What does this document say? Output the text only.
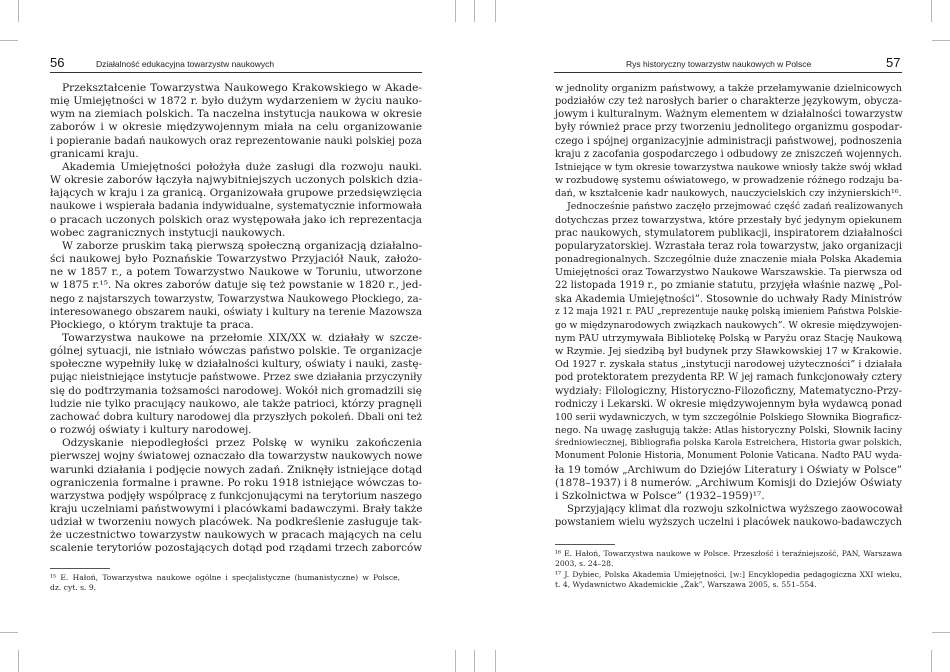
56	Działalność edukacyjna towarzystw naukowych
Przekształcenie Towarzystwa Naukowego Krakowskiego w Akade-
mię Umiejętności w 1872 r. było dużym wydarzeniem w życiu nauko-
wym na ziemiach polskich. Ta naczelna instytucja naukowa w okresie
zaborów i w okresie międzywojennym miała na celu organizowanie
i popieranie badań naukowych oraz reprezentowanie nauki polskiej poza
granicami kraju.
Akademia Umiejętności położyła duże zasługi dla rozwoju nauki.
W okresie zaborów łączyła najwybitniejszych uczonych polskich dzia-
łających w kraju i za granicą. Organizowała grupowe przedsięwzięcia
naukowe i wspierała badania indywidualne, systematycznie informowała
o pracach uczonych polskich oraz występowała jako ich reprezentacja
wobec zagranicznych instytucji naukowych.
W zaborze pruskim taką pierwszą społeczną organizacją działalno-
ści naukowej było Poznańskie Towarzystwo Przyjaciół Nauk, założo-
ne w 1857 r., a potem Towarzystwo Naukowe w Toruniu, utworzone
w 1875 r.¹⁵. Na okres zaborów datuje się też powstanie w 1820 r., jed-
nego z najstarszych towarzystw, Towarzystwa Naukowego Płockiego, za-
interesowanego obszarem nauki, oświaty i kultury na terenie Mazowsza
Płockiego, o którym traktuje ta praca.
Towarzystwa naukowe na przełomie XIX/XX w. działały w szcze-
gólnej sytuacji, nie istniało wówczas państwo polskie. Te organizacje
społeczne wypełniły lukę w działalności kultury, oświaty i nauki, zastę-
pując nieistniejące instytucje państwowe. Przez swe działania przyczyniły
się do podtrzymania tożsamości narodowej. Wokół nich gromadzili się
ludzie nie tylko pracujący naukowo, ale także patrioci, którzy pragnęli
zachować dobra kultury narodowej dla przyszłych pokoleń. Dbali oni też
o rozwój oświaty i kultury narodowej.
Odzyskanie niepodległości przez Polskę w wyniku zakończenia
pierwszej wojny światowej oznaczało dla towarzystw naukowych nowe
warunki działania i podjęcie nowych zadań. Zniknęły istniejące dotąd
ograniczenia formalne i prawne. Po roku 1918 istniejące wówczas to-
warzystwa podjęły wspólpracę z funkcjonującymi na terytorium naszego
kraju uczelniami państwowymi i placówkami badawczymi. Brały także
udział w tworzeniu nowych placówek. Na podkreślenie zasługuje tak-
że uczestnictwo towarzystw naukowych w pracach mających na celu
scalenie terytoriów pozostających dotąd pod rządami trzech zaborców
¹⁵ E. Hałoń, Towarzystwa naukowe ogólne i specjalistyczne (humanistyczne) w Polsce,
dz. cyt. s. 9.
Rys historyczny towarzystw naukowych w Polsce	57
w jednolity organizm państwowy, a także przełamywanie dzielnicowych
podziałów czy też narosłych barier o charakterze językowym, obycza-
jowym i kulturalnym. Ważnym elementem w działalności towarzystw
były również prace przy tworzeniu jednolitego organizmu gospodar-
czego i spójnej organizacyjnie administracji państwowej, podnoszenia
kraju z zacofania gospodarczego i odbudowy ze zniszczeń wojennych.
Istniejące w tym okresie towarzystwa naukowe wniosły także swój wkład
w rozbudowę systemu oświatowego, w prowadzenie różnego rodzaju ba-
dań, w kształcenie kadr naukowych, nauczycielskich czy inżynierskich¹⁶.
Jednocześnie państwo zaczęło przejmować część zadań realizowanych
dotychczas przez towarzystwa, które przestały być jedynym opiekunem
prac naukowych, stymulatorem publikacji, inspiratorem działalności
popularyzatorskiej. Wzrastała teraz rola towarzystw, jako organizacji
ponadregionalnych. Szczególnie duże znaczenie miała Polska Akademia
Umiejętności oraz Towarzystwo Naukowe Warszawskie. Ta pierwsza od
22 listopada 1919 r., po zmianie statutu, przyjęła właśnie nazwę „Pol-
ska Akademia Umiejętności”. Stosownie do uchwały Rady Ministrów
z 12 maja 1921 r. PAU „reprezentuje naukę polską imieniem Państwa Polskie-
go w międzynarodowych związkach naukowych”. W okresie międzywojen-
nym PAU utrzymywała Bibliotekę Polską w Paryżu oraz Stację Naukową
w Rzymie. Jej siedzibą był budynek przy Sławkowskiej 17 w Krakowie.
Od 1927 r. zyskała status „instytucji narodowej użyteczności” i działała
pod protektoratem prezydenta RP. W jej ramach funkcjonowały cztery
wydziały: Filologiczny, Historyczno-Filozoficzny, Matematyczno-Przy-
rodniczy i Lekarski. W okresie międzywojennym była wydawcą ponad
100 serii wydawniczych, w tym szczególnie Polskiego Słownika Biograficz-
nego. Na uwagę zasługują także: Atlas historyczny Polski, Słownik łaciny
średniowiecznej, Bibliografia polska Karola Estreichera, Historia gwar polskich,
Monument Polonie Historia, Monument Polonie Vaticana. Nadto PAU wyda-
ła 19 tomów „Archiwum do Dziejów Literatury i Oświaty w Polsce”
(1878–1937) i 8 numerów. „Archiwum Komisji do Dziejów Oświaty
i Szkolnictwa w Polsce” (1932–1959)¹⁷.
Sprzyjający klimat dla rozwoju szkolnictwa wyższego zaowocował
powstaniem wielu wyższych uczelni i placówek naukowo-badawczych
¹⁶ E. Hałoń, Towarzystwa naukowe w Polsce. Przeszłość i teraźniejszość, PAN, Warszawa
2003, s. 24–28.
¹⁷ J. Dybiec, Polska Akademia Umiejętności, [w:] Encyklopedia pedagogiczna XXI wieku,
t. 4, Wydawnictwo Akademickie „Żak”, Warszawa 2005, s. 551–554.
